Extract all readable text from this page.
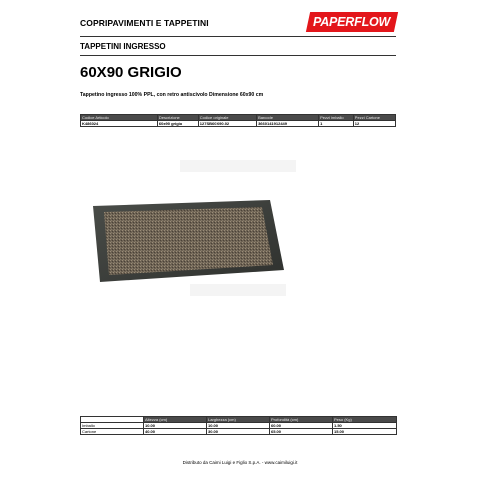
COPRIPAVIMENTI E TAPPETINI	PAPERFLOW
TAPPETINI INGRESSO
60X90 GRIGIO
Tappetino ingresso 100% PPL, con retro antiscivolo Dimensione 60x90 cm
Codice Articolo	Descrizione	Codice originale	Barcode	Pezzi imballo	Pezzi Cartone
K486024	60x90 grigio	127SB60X90.02	3660141912449	1	12
	Altezza (cm)	Larghezza (cm)	Profondità (cm)	Peso (Kg)
Imballo	10.00	10.00	60.00	1.50
Cartone	40.00	30.00	65.00	15.00
Distributo da Caimi Luigi e Figlio S.p.A. - www.caimiluigi.it
